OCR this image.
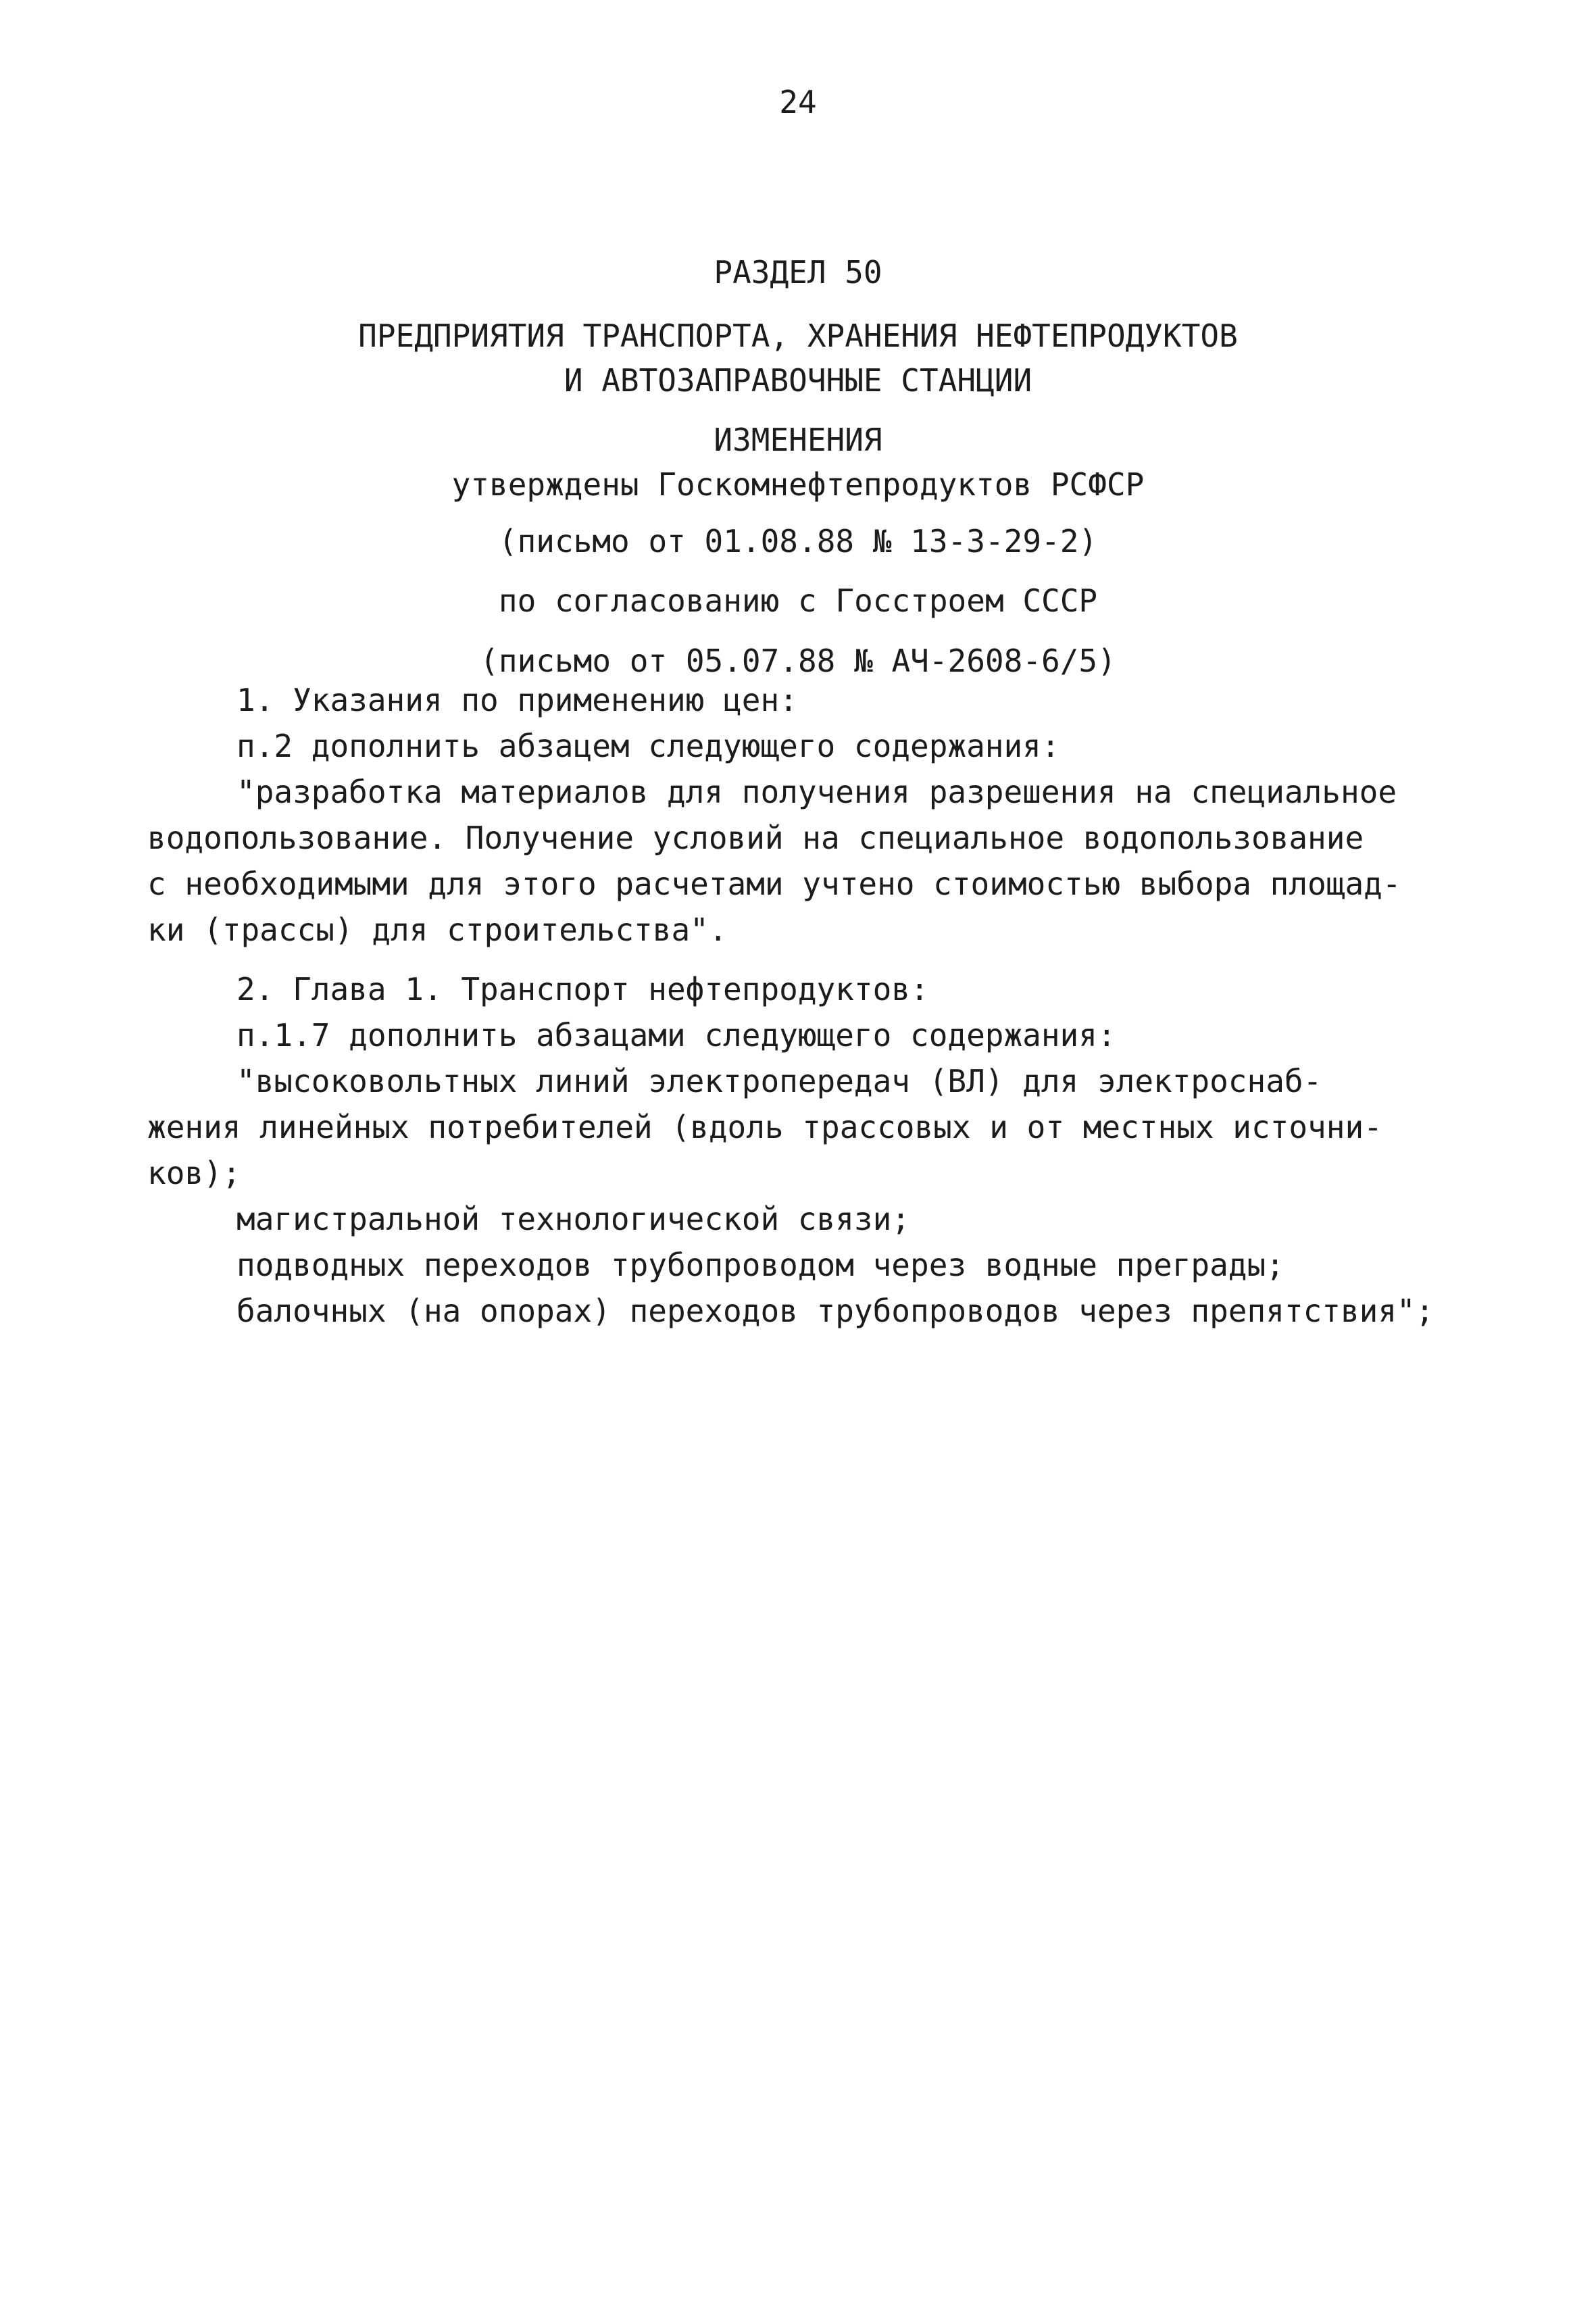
24
РАЗДЕЛ 50
ПРЕДПРИЯТИЯ ТРАНСПОРТА, ХРАНЕНИЯ НЕФТЕПРОДУКТОВ
И АВТОЗАПРАВОЧНЫЕ СТАНЦИИ
ИЗМЕНЕНИЯ
утверждены Госкомнефтепродуктов РСФСР
(письмо от 01.08.88 № 13-3-29-2)
по согласованию с Госстроем СССР
(письмо от 05.07.88 № АЧ-2608-6/5)
1. Указания по применению цен:
п.2 дополнить абзацем следующего содержания:
"разработка материалов для получения разрешения на специальное
водопользование. Получение условий на специальное водопользование
с необходимыми для этого расчетами учтено стоимостью выбора площад-
ки (трассы) для строительства".
2. Глава 1. Транспорт нефтепродуктов:
п.1.7 дополнить абзацами следующего содержания:
"высоковольтных линий электропередач (ВЛ) для электроснаб-
жения линейных потребителей (вдоль трассовых и от местных источни-
ков);
магистральной технологической связи;
подводных переходов трубопроводом через водные преграды;
балочных (на опорах) переходов трубопроводов через препятствия";
